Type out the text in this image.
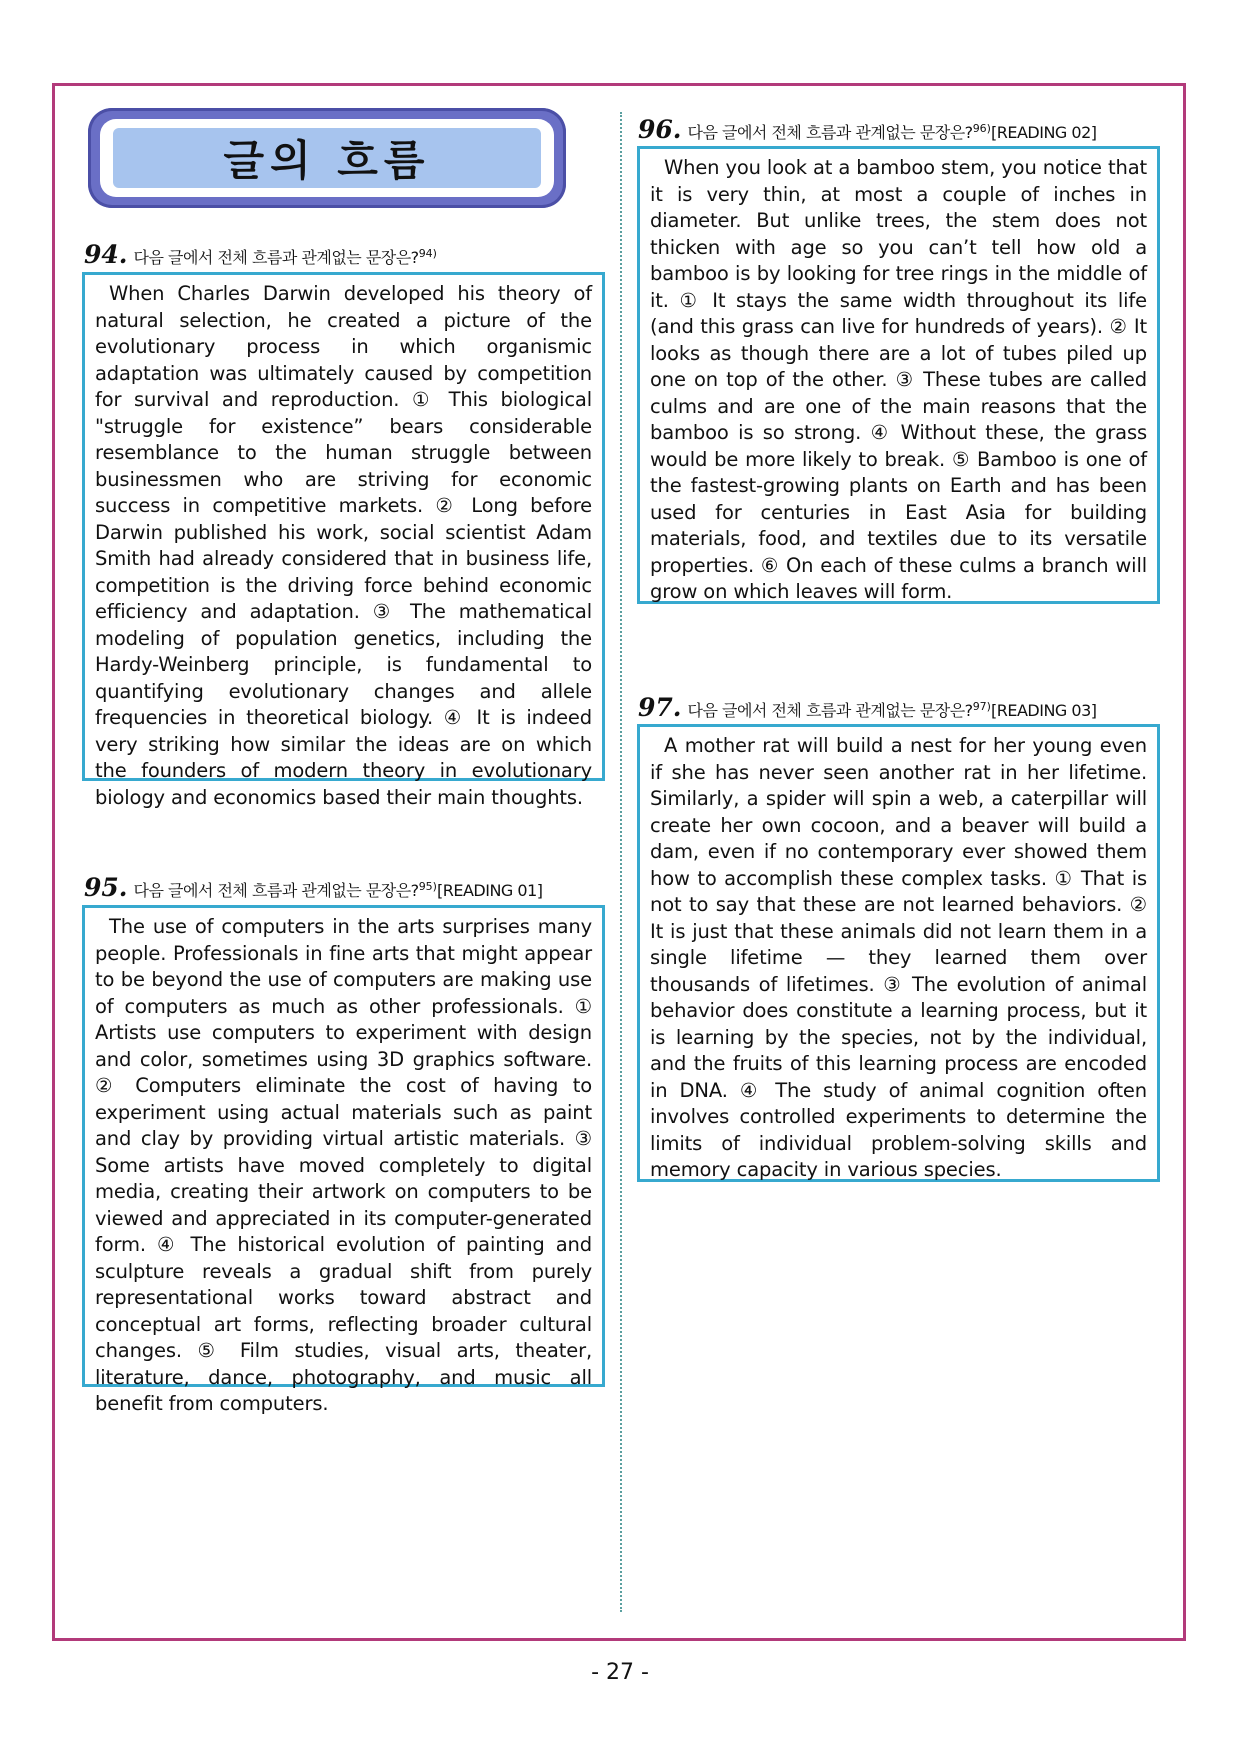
글의 흐름
94. 다음 글에서 전체 흐름과 관계없는 문장은? 94)

When Charles Darwin developed his theory of natural selection, he created a picture of the evolutionary process in which organismic adaptation was ultimately caused by competition for survival and reproduction. ① This biological "struggle for existence” bears considerable resemblance to the human struggle between businessmen who are striving for economic success in competitive markets. ② Long before Darwin published his work, social scientist Adam Smith had already considered that in business life, competition is the driving force behind economic efficiency and adaptation. ③ The mathematical modeling of population genetics, including the Hardy-Weinberg principle, is fundamental to quantifying evolutionary changes and allele frequencies in theoretical biology. ④ It is indeed very striking how similar the ideas are on which the founders of modern theory in evolutionary biology and economics based their main thoughts.

95. 다음 글에서 전체 흐름과 관계없는 문장은? 95) [READING 01]

The use of computers in the arts surprises many people. Professionals in fine arts that might appear to be beyond the use of computers are making use of computers as much as other professionals. ① Artists use computers to experiment with design and color, sometimes using 3D graphics software. ② Computers eliminate the cost of having to experiment using actual materials such as paint and clay by providing virtual artistic materials. ③ Some artists have moved completely to digital media, creating their artwork on computers to be viewed and appreciated in its computer-generated form. ④ The historical evolution of painting and sculpture reveals a gradual shift from purely representational works toward abstract and conceptual art forms, reflecting broader cultural changes. ⑤ Film studies, visual arts, theater, literature, dance, photography, and music all benefit from computers.

96. 다음 글에서 전체 흐름과 관계없는 문장은? 96) [READING 02]

When you look at a bamboo stem, you notice that it is very thin, at most a couple of inches in diameter. But unlike trees, the stem does not thicken with age so you can’t tell how old a bamboo is by looking for tree rings in the middle of it. ① It stays the same width throughout its life (and this grass can live for hundreds of years). ② It looks as though there are a lot of tubes piled up one on top of the other. ③ These tubes are called culms and are one of the main reasons that the bamboo is so strong. ④ Without these, the grass would be more likely to break. ⑤ Bamboo is one of the fastest-growing plants on Earth and has been used for centuries in East Asia for building materials, food, and textiles due to its versatile properties. ⑥ On each of these culms a branch will grow on which leaves will form.

97. 다음 글에서 전체 흐름과 관계없는 문장은? 97) [READING 03]

A mother rat will build a nest for her young even if she has never seen another rat in her lifetime. Similarly, a spider will spin a web, a caterpillar will create her own cocoon, and a beaver will build a dam, even if no contemporary ever showed them how to accomplish these complex tasks. ① That is not to say that these are not learned behaviors. ② It is just that these animals did not learn them in a single lifetime — they learned them over thousands of lifetimes. ③ The evolution of animal behavior does constitute a learning process, but it is learning by the species, not by the individual, and the fruits of this learning process are encoded in DNA. ④ The study of animal cognition often involves controlled experiments to determine the limits of individual problem-solving skills and memory capacity in various species.

- 27 -
